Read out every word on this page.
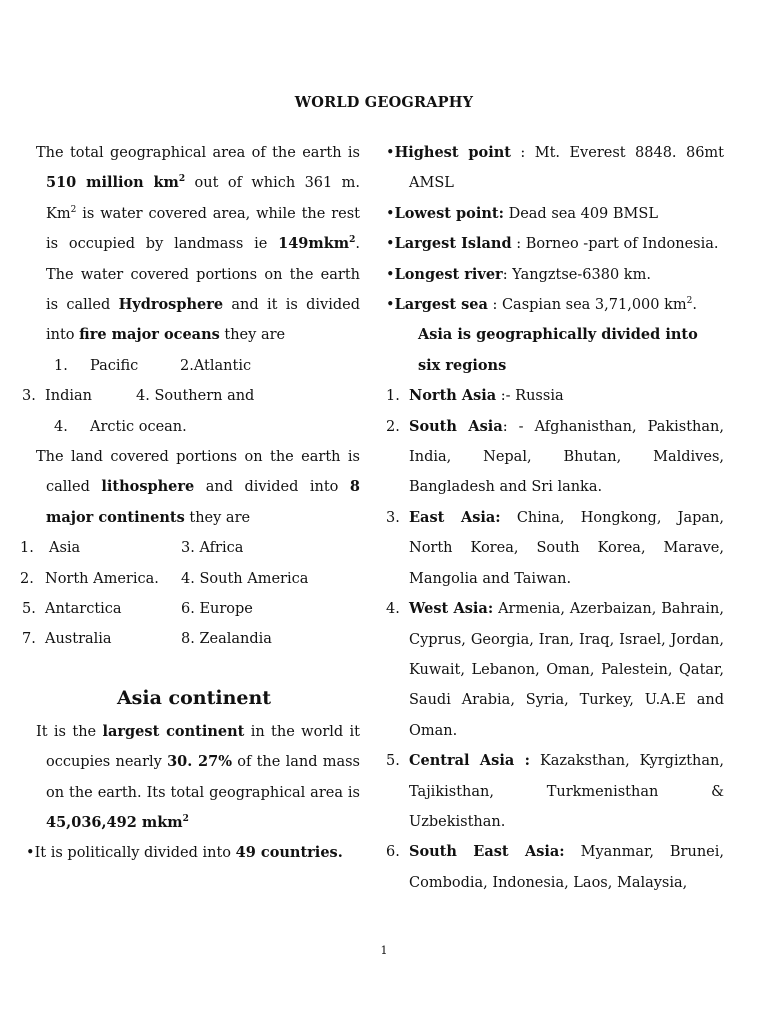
WORLD GEOGRAPHY

The total geographical area of the earth is 510 million $km^2$ out of which 361 m. Km$^2$ is water covered area, while the rest is occupied by landmass ie 149mkm$^2$. The water covered portions on the earth is called Hydrosphere and it is divided into fire major oceans they are

1. Pacific	2.Atlantic
3. Indian	4. Southern and
4. Arctic ocean.

The land covered portions on the earth is called lithosphere and divided into 8 major continents they are

1. Asia	3. Africa
2. North America. 4. South America
5. Antarctica	6. Europe
7. Australia	8. Zealandia
Asia continent

It is the largest continent in the world it occupies nearly 30. 27% of the land mass on the earth. Its total geographical area is 45,036,492 mkm$^2$

•It is politically divided into 49 countries.

•Highest point : Mt. Everest 8848. 86mt AMSL

•Lowest point: Dead sea 409 BMSL

•Largest Island : Borneo -part of Indonesia.

•Longest river: Yangztse-6380 km.

•Largest sea : Caspian sea 3,71,000 $km^2$.

Asia is geographically divided into six regions

1. North Asia :- Russia
2. South Asia: - Afghanisthan, Pakisthan, India, Nepal, Bhutan, Maldives, Bangladesh and Sri lanka.
3. East Asia: China, Hongkong, Japan, North Korea, South Korea, Marave, Mangolia and Taiwan.
4. West Asia: Armenia, Azerbaizan, Bahrain, Cyprus, Georgia, Iran, Iraq, Israel, Jordan, Kuwait, Lebanon, Oman, Palestein, Qatar, Saudi Arabia, Syria, Turkey, U.A.E and Oman.
5. Central Asia : Kazaksthan, Kyrgizthan, Tajikisthan, Turkmenisthan & Uzbekisthan.
6. South East Asia: Myanmar, Brunei, Combodia, Indonesia, Laos, Malaysia,
1
